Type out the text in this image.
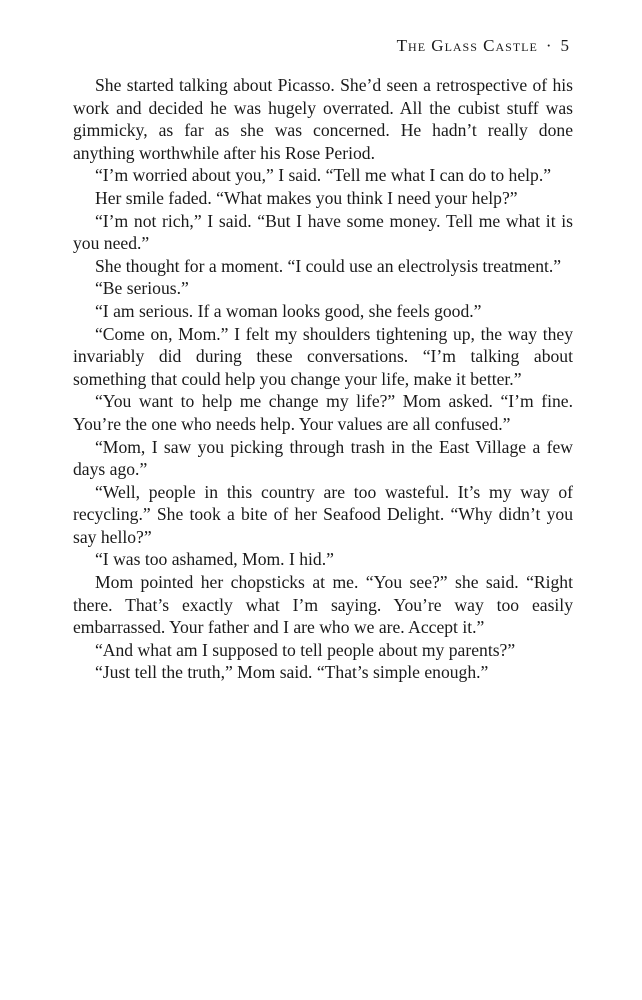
The Glass Castle · 5

She started talking about Picasso. She’d seen a retrospective of his work and decided he was hugely overrated. All the cubist stuff was gimmicky, as far as she was concerned. He hadn’t really done anything worthwhile after his Rose Period.

“I’m worried about you,” I said. “Tell me what I can do to help.”

Her smile faded. “What makes you think I need your help?”

“I’m not rich,” I said. “But I have some money. Tell me what it is you need.”

She thought for a moment. “I could use an electrolysis treatment.”

“Be serious.”

“I am serious. If a woman looks good, she feels good.”

“Come on, Mom.” I felt my shoulders tightening up, the way they invariably did during these conversations. “I’m talking about something that could help you change your life, make it better.”

“You want to help me change my life?” Mom asked. “I’m fine. You’re the one who needs help. Your values are all confused.”

“Mom, I saw you picking through trash in the East Village a few days ago.”

“Well, people in this country are too wasteful. It’s my way of recycling.” She took a bite of her Seafood Delight. “Why didn’t you say hello?”

“I was too ashamed, Mom. I hid.”

Mom pointed her chopsticks at me. “You see?” she said. “Right there. That’s exactly what I’m saying. You’re way too easily embarrassed. Your father and I are who we are. Accept it.”

“And what am I supposed to tell people about my parents?”

“Just tell the truth,” Mom said. “That’s simple enough.”
